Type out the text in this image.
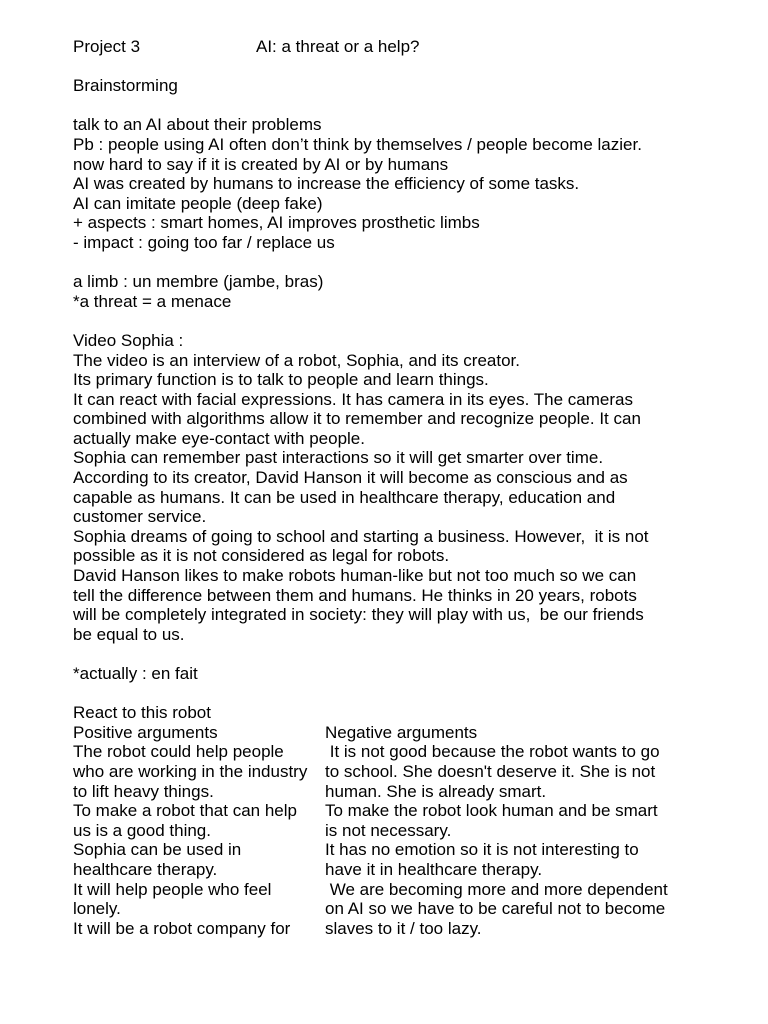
Project 3	AI: a threat or a help?
Brainstorming
talk to an AI about their problems
Pb : people using AI often don’t think by themselves / people become lazier.
now hard to say if it is created by AI or by humans
AI was created by humans to increase the efficiency of some tasks.
AI can imitate people (deep fake)
+ aspects : smart homes, AI improves prosthetic limbs
- impact : going too far / replace us
a limb : un membre (jambe, bras)
*a threat = a menace
Video Sophia :
The video is an interview of a robot, Sophia, and its creator.
Its primary function is to talk to people and learn things.
It can react with facial expressions. It has camera in its eyes. The cameras
combined with algorithms allow it to remember and recognize people. It can
actually make eye-contact with people.
Sophia can remember past interactions so it will get smarter over time.
According to its creator, David Hanson it will become as conscious and as
capable as humans. It can be used in healthcare therapy, education and
customer service.
Sophia dreams of going to school and starting a business. However,  it is not
possible as it is not considered as legal for robots.
David Hanson likes to make robots human-like but not too much so we can
tell the difference between them and humans. He thinks in 20 years, robots
will be completely integrated in society: they will play with us,  be our friends
be equal to us.
*actually : en fait
React to this robot
Positive arguments
The robot could help people
who are working in the industry
to lift heavy things.
To make a robot that can help
us is a good thing.
Sophia can be used in
healthcare therapy.
It will help people who feel
lonely.
It will be a robot company for
Negative arguments
It is not good because the robot wants to go
to school. She doesn't deserve it. She is not
human. She is already smart.
To make the robot look human and be smart
is not necessary.
It has no emotion so it is not interesting to
have it in healthcare therapy.
We are becoming more and more dependent
on AI so we have to be careful not to become
slaves to it / too lazy.
